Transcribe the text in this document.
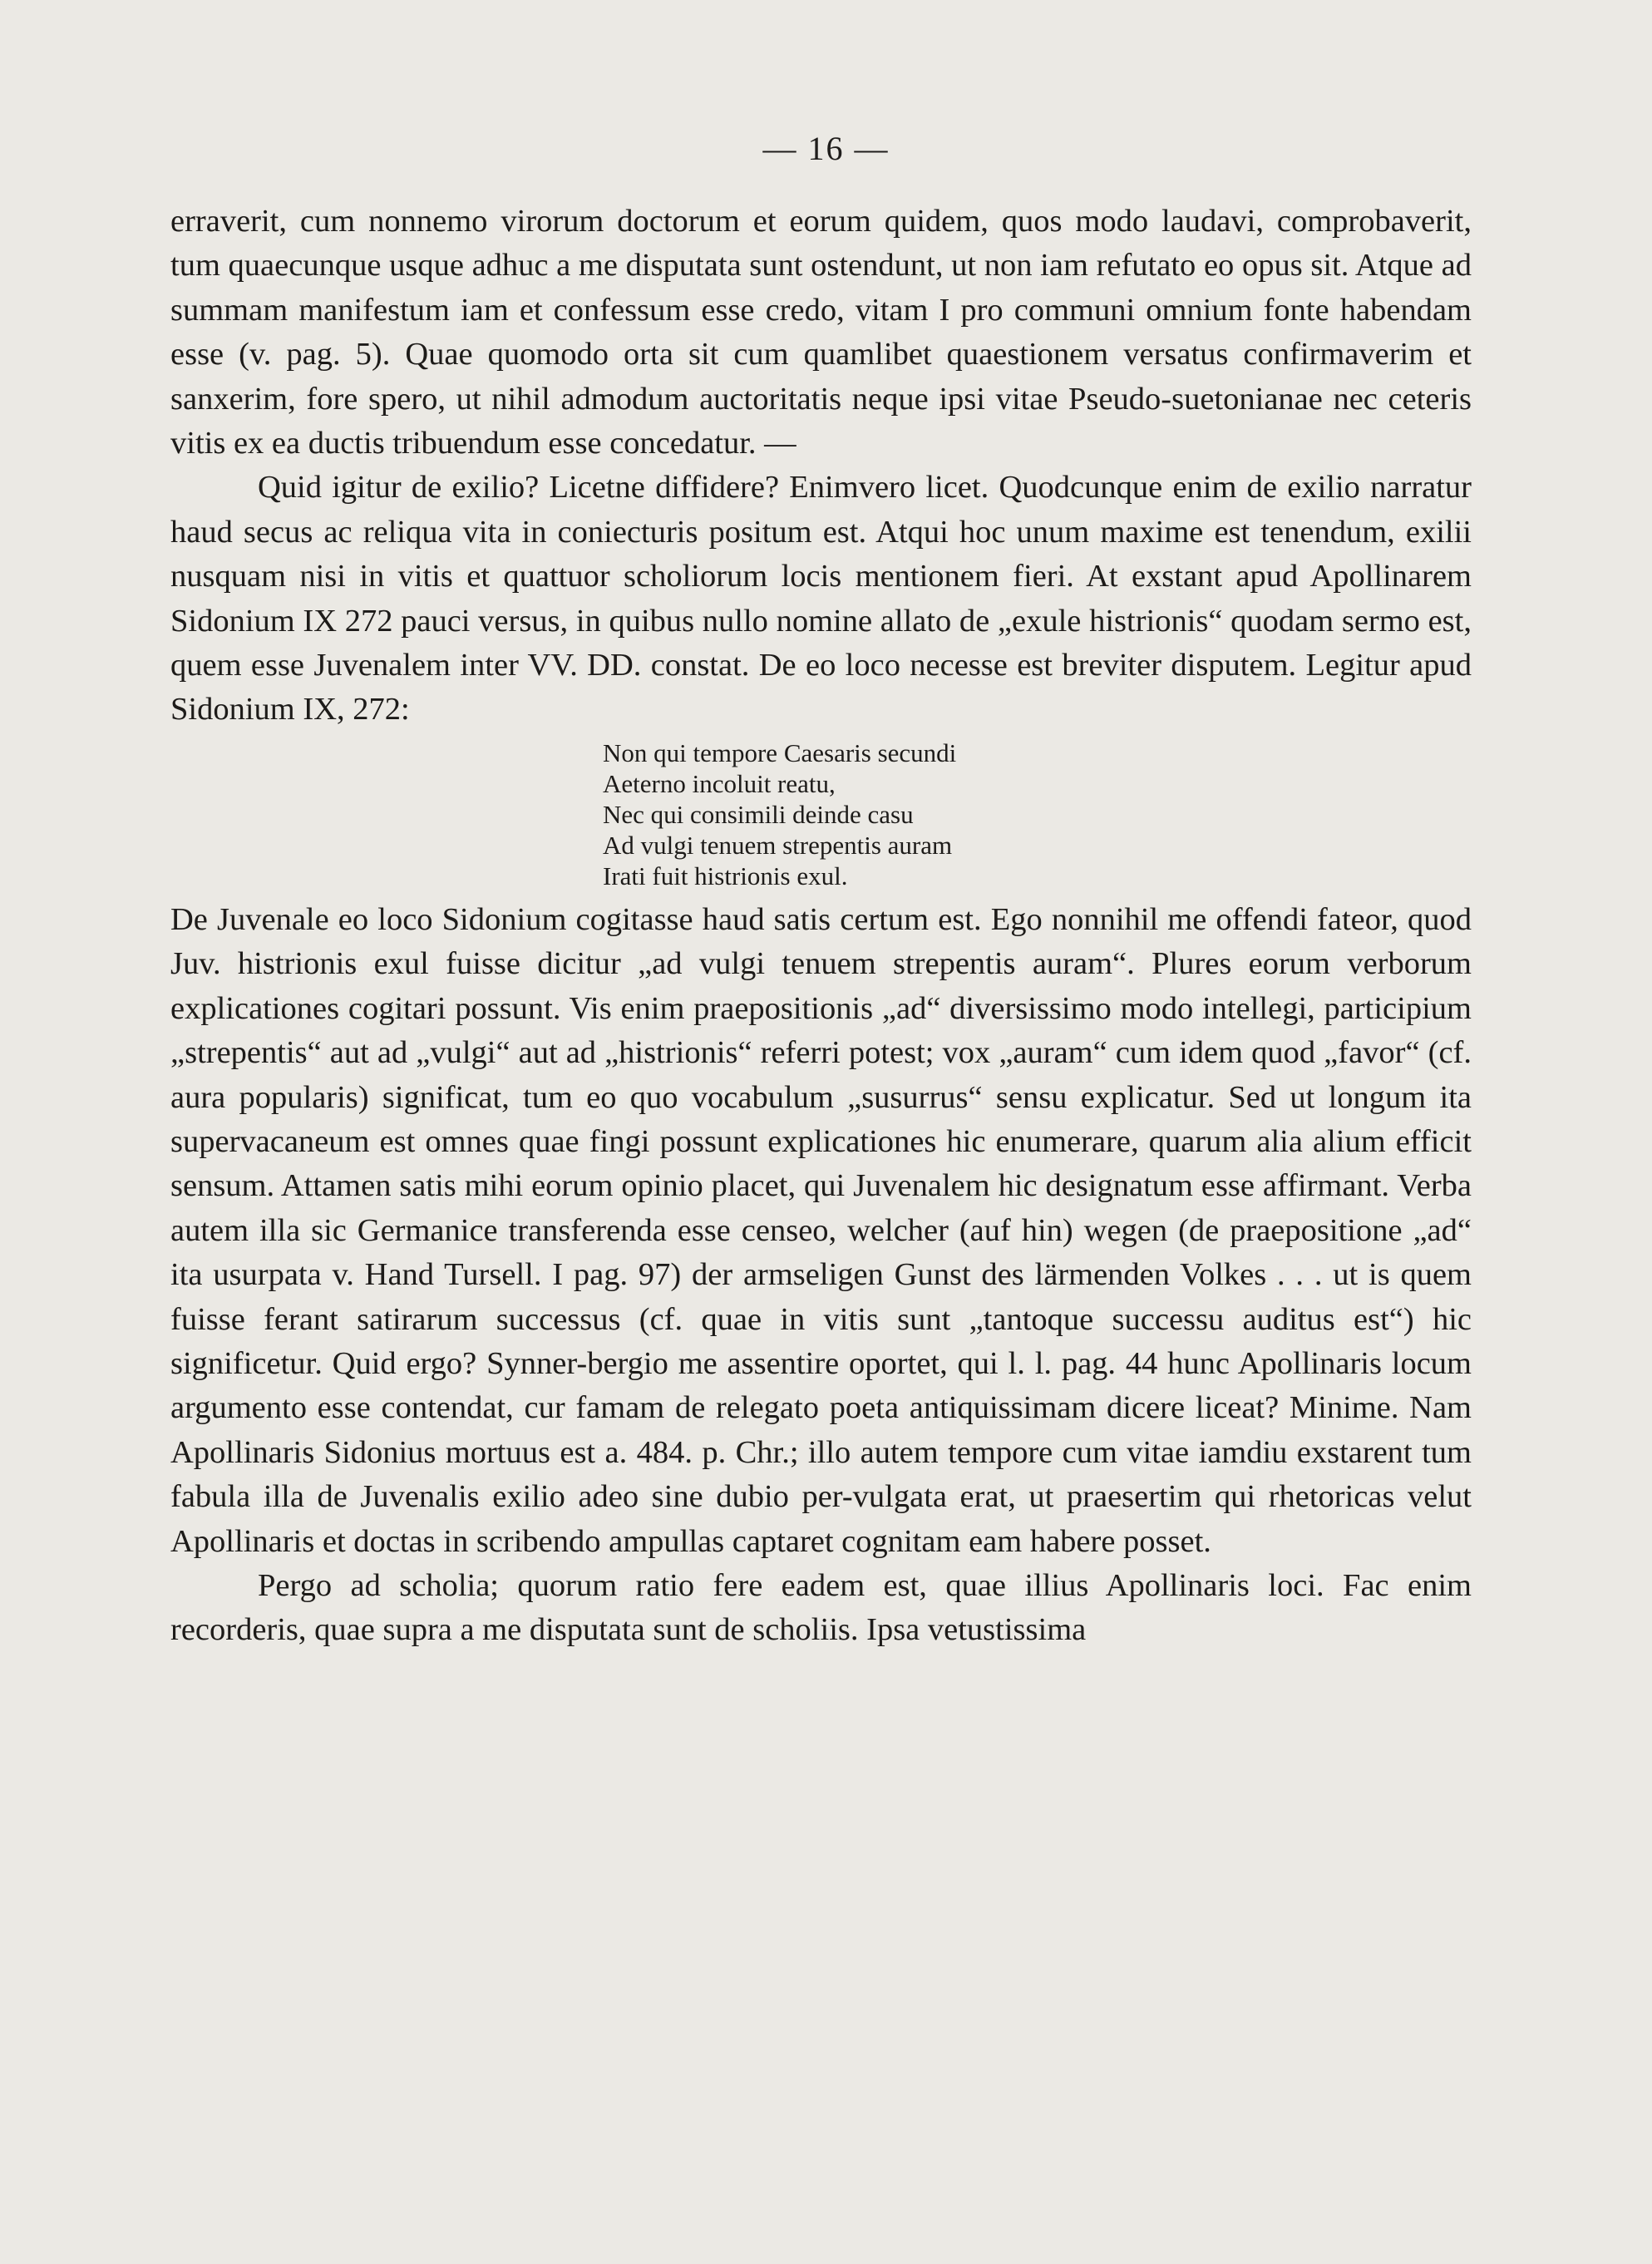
— 16 —

erraverit, cum nonnemo virorum doctorum et eorum quidem, quos modo laudavi, comprobaverit, tum quaecunque usque adhuc a me disputata sunt ostendunt, ut non iam refutato eo opus sit. Atque ad summam manifestum iam et confessum esse credo, vitam I pro communi omnium fonte habendam esse (v. pag. 5). Quae quomodo orta sit cum quamlibet quaestionem versatus confirmaverim et sanxerim, fore spero, ut nihil admodum auctoritatis neque ipsi vitae Pseudo-suetonianae nec ceteris vitis ex ea ductis tribuendum esse concedatur. —

Quid igitur de exilio? Licetne diffidere? Enimvero licet. Quodcunque enim de exilio narratur haud secus ac reliqua vita in coniecturis positum est. Atqui hoc unum maxime est tenendum, exilii nusquam nisi in vitis et quattuor scholiorum locis mentionem fieri. At exstant apud Apollinarem Sidonium IX 272 pauci versus, in quibus nullo nomine allato de „exule histrionis“ quodam sermo est, quem esse Juvenalem inter VV. DD. constat. De eo loco necesse est breviter disputem. Legitur apud Sidonium IX, 272:

Non qui tempore Caesaris secundi
Aeterno incoluit reatu,
Nec qui consimili deinde casu
Ad vulgi tenuem strepentis auram
Irati fuit histrionis exul.

De Juvenale eo loco Sidonium cogitasse haud satis certum est. Ego nonnihil me offendi fateor, quod Juv. histrionis exul fuisse dicitur „ad vulgi tenuem strepentis auram“. Plures eorum verborum explicationes cogitari possunt. Vis enim praepositionis „ad“ diversissimo modo intellegi, participium „strepentis“ aut ad „vulgi“ aut ad „histrionis“ referri potest; vox „auram“ cum idem quod „favor“ (cf. aura popularis) significat, tum eo quo vocabulum „susurrus“ sensu explicatur. Sed ut longum ita supervacaneum est omnes quae fingi possunt explicationes hic enumerare, quarum alia alium efficit sensum. Attamen satis mihi eorum opinio placet, qui Juvenalem hic designatum esse affirmant. Verba autem illa sic Germanice transferenda esse censeo, welcher (auf hin) wegen (de praepositione „ad“ ita usurpata v. Hand Tursell. I pag. 97) der armseligen Gunst des lärmenden Volkes . . . ut is quem fuisse ferant satirarum successus (cf. quae in vitis sunt „tantoque successu auditus est“) hic significetur. Quid ergo? Synner-bergio me assentire oportet, qui l. l. pag. 44 hunc Apollinaris locum argumento esse contendat, cur famam de relegato poeta antiquissimam dicere liceat? Minime. Nam Apollinaris Sidonius mortuus est a. 484. p. Chr.; illo autem tempore cum vitae iamdiu exstarent tum fabula illa de Juvenalis exilio adeo sine dubio per-vulgata erat, ut praesertim qui rhetoricas velut Apollinaris et doctas in scribendo ampullas captaret cognitam eam habere posset.

Pergo ad scholia; quorum ratio fere eadem est, quae illius Apollinaris loci. Fac enim recorderis, quae supra a me disputata sunt de scholiis. Ipsa vetustissima
